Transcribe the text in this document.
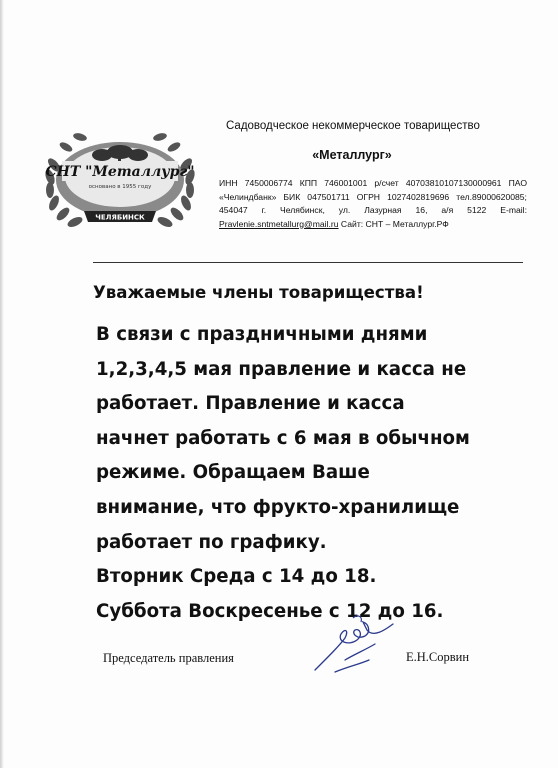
СНТ "Металлург"
основано в 1955 году
ЧЕЛЯБИНСК
Садоводческое некоммерческое товарищество
«Металлург»
ИНН 7450006774 КПП 746001001 р/счет 40703810107130000961 ПАО
«Челиндбанк» БИК 047501711 ОГРН 1027402819696 тел.89000620085;
454047 г. Челябинск, ул. Лазурная 16, а/я 5122 E-mail:
Pravlenie.sntmetallurg@mail.ru Сайт: СНТ – Металлург.РФ
Уважаемые члены товарищества!
В связи с праздничными днями
1,2,3,4,5 мая правление и касса не
работает. Правление и касса
начнет работать с 6 мая в обычном
режиме. Обращаем Ваше
внимание, что фрукто-хранилище
работает по графику.
Вторник Среда с 14 до 18.
Суббота Воскресенье с 12 до 16.
Председатель правления	Е.Н.Сорвин
